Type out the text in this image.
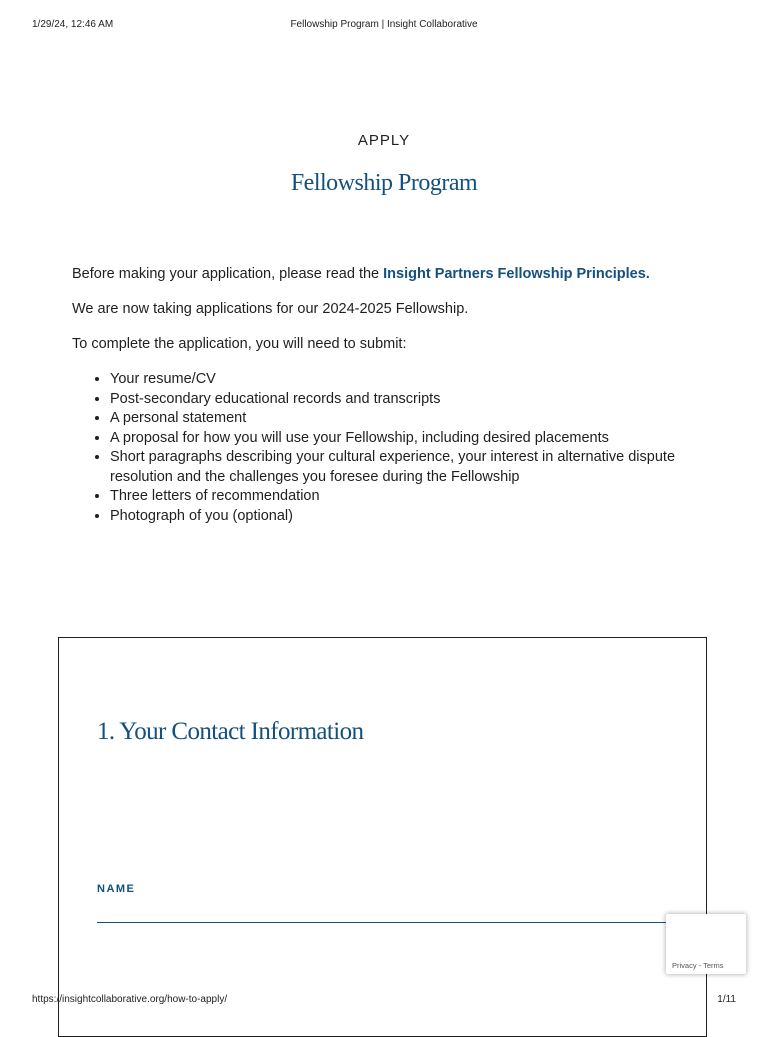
1/29/24, 12:46 AM	Fellowship Program | Insight Collaborative
APPLY
Fellowship Program

Before making your application, please read the Insight Partners Fellowship Principles.

We are now taking applications for our 2024-2025 Fellowship.

To complete the application, you will need to submit:

• Your resume/CV
• Post-secondary educational records and transcripts
• A personal statement
• A proposal for how you will use your Fellowship, including desired placements
• Short paragraphs describing your cultural experience, your interest in alternative dispute resolution and the challenges you foresee during the Fellowship
• Three letters of recommendation
• Photograph of you (optional)
1. Your Contact Information
NAME
Privacy - Terms
https://insightcollaborative.org/how-to-apply/	1/11
